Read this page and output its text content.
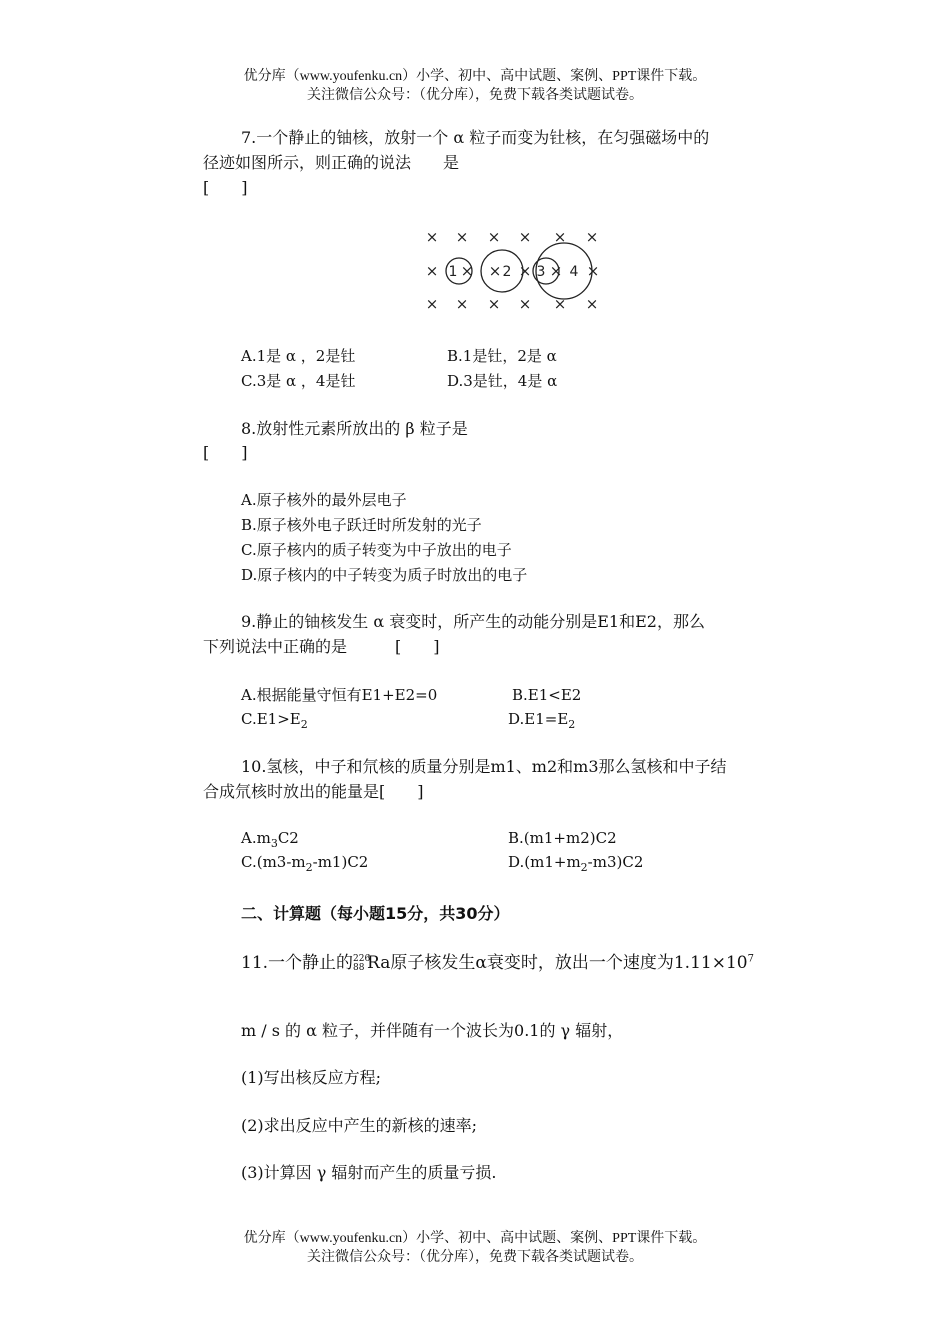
优分库（www.youfenku.cn）小学、初中、高中试题、案例、PPT课件下载。
关注微信公众号：（优分库），免费下载各类试题试卷。
7.一个静止的铀核，放射一个 α 粒子而变为钍核，在匀强磁场中的
径迹如图所示，则正确的说法　　是
[　　]
× × × × × ×
× × × × × ×
× × × × × ×
1	2 3 4
A.1是 α ，2是钍	B.1是钍，2是 α
C.3是 α ，4是钍	D.3是钍，4是 α
8.放射性元素所放出的 β 粒子是
[　　]
A.原子核外的最外层电子
B.原子核外电子跃迁时所发射的光子
C.原子核内的质子转变为中子放出的电子
D.原子核内的中子转变为质子时放出的电子
9.静止的铀核发生 α 衰变时，所产生的动能分别是E1和E2，那么
下列说法中正确的是　　　[　　]
A.根据能量守恒有E1+E2=0	B.E1<E2
$C.E1>E_2$	$D.E1=E_2$
10.氢核，中子和氘核的质量分别是m1、m2和m3那么氢核和中子结
合成氘核时放出的能量是[　　]
$A.m_3C2$	B.(m1+m2)C2
$C.(m3-m_2-m1)C2$	$D.(m1+m_2-m3)C2$
二、计算题（每小题15分，共30分）
11.一个静止的 226
88 Ra原子核发生α衰变时，放出一个速度为$1.11\times 10^7$
m / s 的 α 粒子，并伴随有一个波长为0.1的 γ 辐射，
(1)写出核反应方程;
(2)求出反应中产生的新核的速率;
(3)计算因 γ 辐射而产生的质量亏损.
优分库（www.youfenku.cn）小学、初中、高中试题、案例、PPT课件下载。
关注微信公众号：（优分库），免费下载各类试题试卷。
